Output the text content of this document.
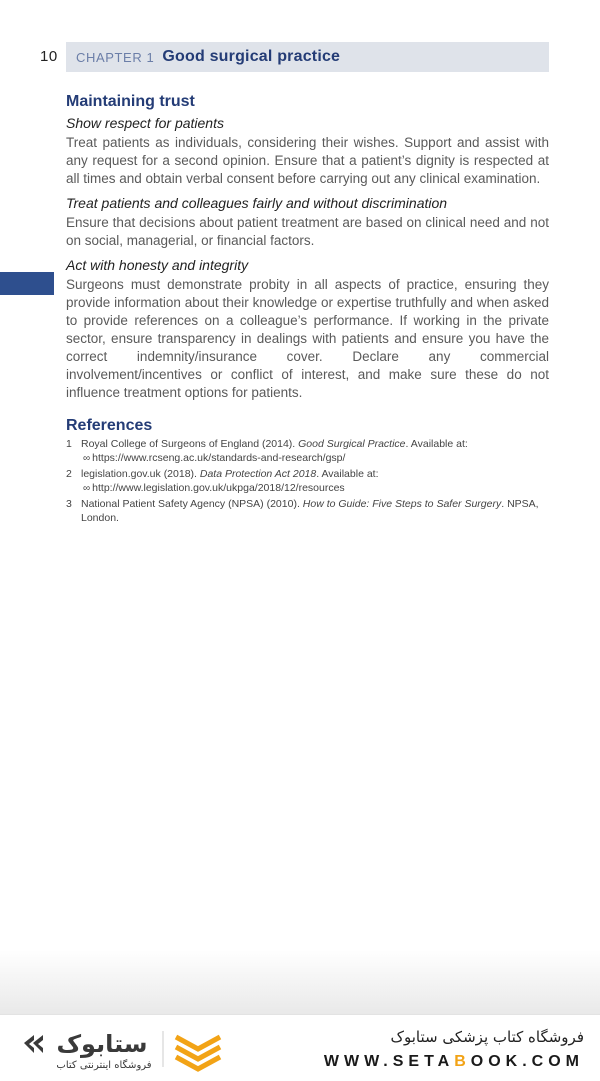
10 CHAPTER 1 Good surgical practice
Maintaining trust
Show respect for patients

Treat patients as individuals, considering their wishes. Support and assist with any request for a second opinion. Ensure that a patient’s dignity is respected at all times and obtain verbal consent before carrying out any clinical examination.

Treat patients and colleagues fairly and without discrimination

Ensure that decisions about patient treatment are based on clinical need and not on social, managerial, or financial factors.

Act with honesty and integrity

Surgeons must demonstrate probity in all aspects of practice, ensuring they provide information about their knowledge or expertise truthfully and when asked to provide references on a colleague’s performance. If working in the private sector, ensure transparency in dealings with patients and ensure you have the correct indemnity/insurance cover. Declare any commercial involvement/incentives or conflict of interest, and make sure these do not influence treatment options for patients.

References
1 Royal College of Surgeons of England (2014). Good Surgical Practice. Available at: ∞ https://www.rcseng.ac.uk/standards-and-research/gsp/
2 legislation.gov.uk (2018). Data Protection Act 2018. Available at: ∞ http://www.legislation.gov.uk/ukpga/2018/12/resources
3 National Patient Safety Agency (NPSA) (2010). How to Guide: Five Steps to Safer Surgery. NPSA, London.
ستابوک
فروشگاه اینترنتی کتاب
فروشگاه کتاب پزشکی ستابوک
WWW.SETABOOK.COM
